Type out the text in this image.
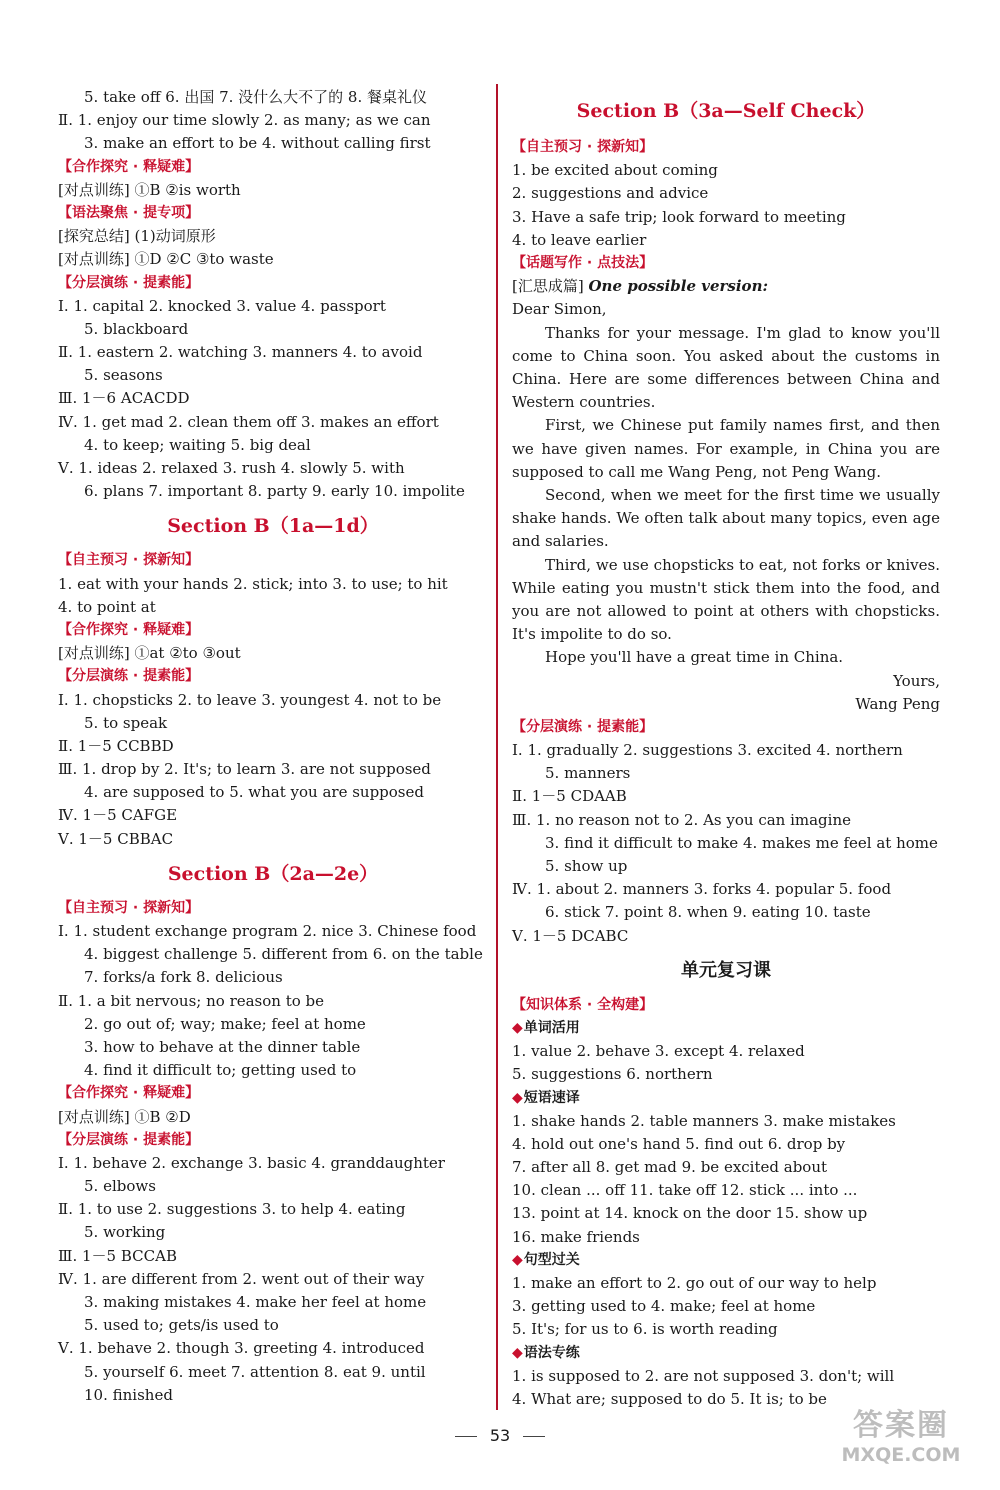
5. take off 6. 出国 7. 没什么大不了的 8. 餐桌礼仪
Ⅱ. 1. enjoy our time slowly 2. as many; as we can
3. make an effort to be 4. without calling first
【合作探究 · 释疑难】
[对点训练] ①B ②is worth
【语法聚焦 · 提专项】
[探究总结] (1)动词原形
[对点训练] ①D ②C ③to waste
【分层演练 · 提素能】
Ⅰ. 1. capital 2. knocked 3. value 4. passport
5. blackboard
Ⅱ. 1. eastern 2. watching 3. manners 4. to avoid
5. seasons
Ⅲ. 1－6 ACACDD
Ⅳ. 1. get mad 2. clean them off 3. makes an effort
4. to keep; waiting 5. big deal
Ⅴ. 1. ideas 2. relaxed 3. rush 4. slowly 5. with
6. plans 7. important 8. party 9. early 10. impolite
Section B（1a—1d）
【自主预习 · 探新知】
1. eat with your hands 2. stick; into 3. to use; to hit
4. to point at
【合作探究 · 释疑难】
[对点训练] ①at ②to ③out
【分层演练 · 提素能】
Ⅰ. 1. chopsticks 2. to leave 3. youngest 4. not to be
5. to speak
Ⅱ. 1－5 CCBBD
Ⅲ. 1. drop by 2. It's; to learn 3. are not supposed
4. are supposed to 5. what you are supposed
Ⅳ. 1－5 CAFGE
Ⅴ. 1－5 CBBAC
Section B（2a—2e）
【自主预习 · 探新知】
Ⅰ. 1. student exchange program 2. nice 3. Chinese food
4. biggest challenge 5. different from 6. on the table
7. forks/a fork 8. delicious
Ⅱ. 1. a bit nervous; no reason to be
2. go out of; way; make; feel at home
3. how to behave at the dinner table
4. find it difficult to; getting used to
【合作探究 · 释疑难】
[对点训练] ①B ②D
【分层演练 · 提素能】
Ⅰ. 1. behave 2. exchange 3. basic 4. granddaughter
5. elbows
Ⅱ. 1. to use 2. suggestions 3. to help 4. eating
5. working
Ⅲ. 1－5 BCCAB
Ⅳ. 1. are different from 2. went out of their way
3. making mistakes 4. make her feel at home
5. used to; gets/is used to
Ⅴ. 1. behave 2. though 3. greeting 4. introduced
5. yourself 6. meet 7. attention 8. eat 9. until
10. finished
Section B（3a—Self Check）
【自主预习 · 探新知】
1. be excited about coming
2. suggestions and advice
3. Have a safe trip; look forward to meeting
4. to leave earlier
【话题写作 · 点技法】
[汇思成篇] One possible version:
Dear Simon,
Thanks for your message. I'm glad to know you'll come to China soon. You asked about the customs in China. Here are some differences between China and Western countries.
First, we Chinese put family names first, and then we have given names. For example, in China you are supposed to call me Wang Peng, not Peng Wang.
Second, when we meet for the first time we usually shake hands. We often talk about many topics, even age and salaries.
Third, we use chopsticks to eat, not forks or knives. While eating you mustn't stick them into the food, and you are not allowed to point at others with chopsticks. It's impolite to do so.
Hope you'll have a great time in China.
Yours,
Wang Peng
【分层演练 · 提素能】
Ⅰ. 1. gradually 2. suggestions 3. excited 4. northern
5. manners
Ⅱ. 1－5 CDAAB
Ⅲ. 1. no reason not to 2. As you can imagine
3. find it difficult to make 4. makes me feel at home
5. show up
Ⅳ. 1. about 2. manners 3. forks 4. popular 5. food
6. stick 7. point 8. when 9. eating 10. taste
Ⅴ. 1－5 DCABC
单元复习课
【知识体系 · 全构建】
◆单词活用
1. value 2. behave 3. except 4. relaxed
5. suggestions 6. northern
◆短语速译
1. shake hands 2. table manners 3. make mistakes
4. hold out one's hand 5. find out 6. drop by
7. after all 8. get mad 9. be excited about
10. clean ... off 11. take off 12. stick ... into ...
13. point at 14. knock on the door 15. show up
16. make friends
◆句型过关
1. make an effort to 2. go out of our way to help
3. getting used to 4. make; feel at home
5. It's; for us to 6. is worth reading
◆语法专练
1. is supposed to 2. are not supposed 3. don't; will
4. What are; supposed to do 5. It is; to be
53	答案圈
MXQE.COM
